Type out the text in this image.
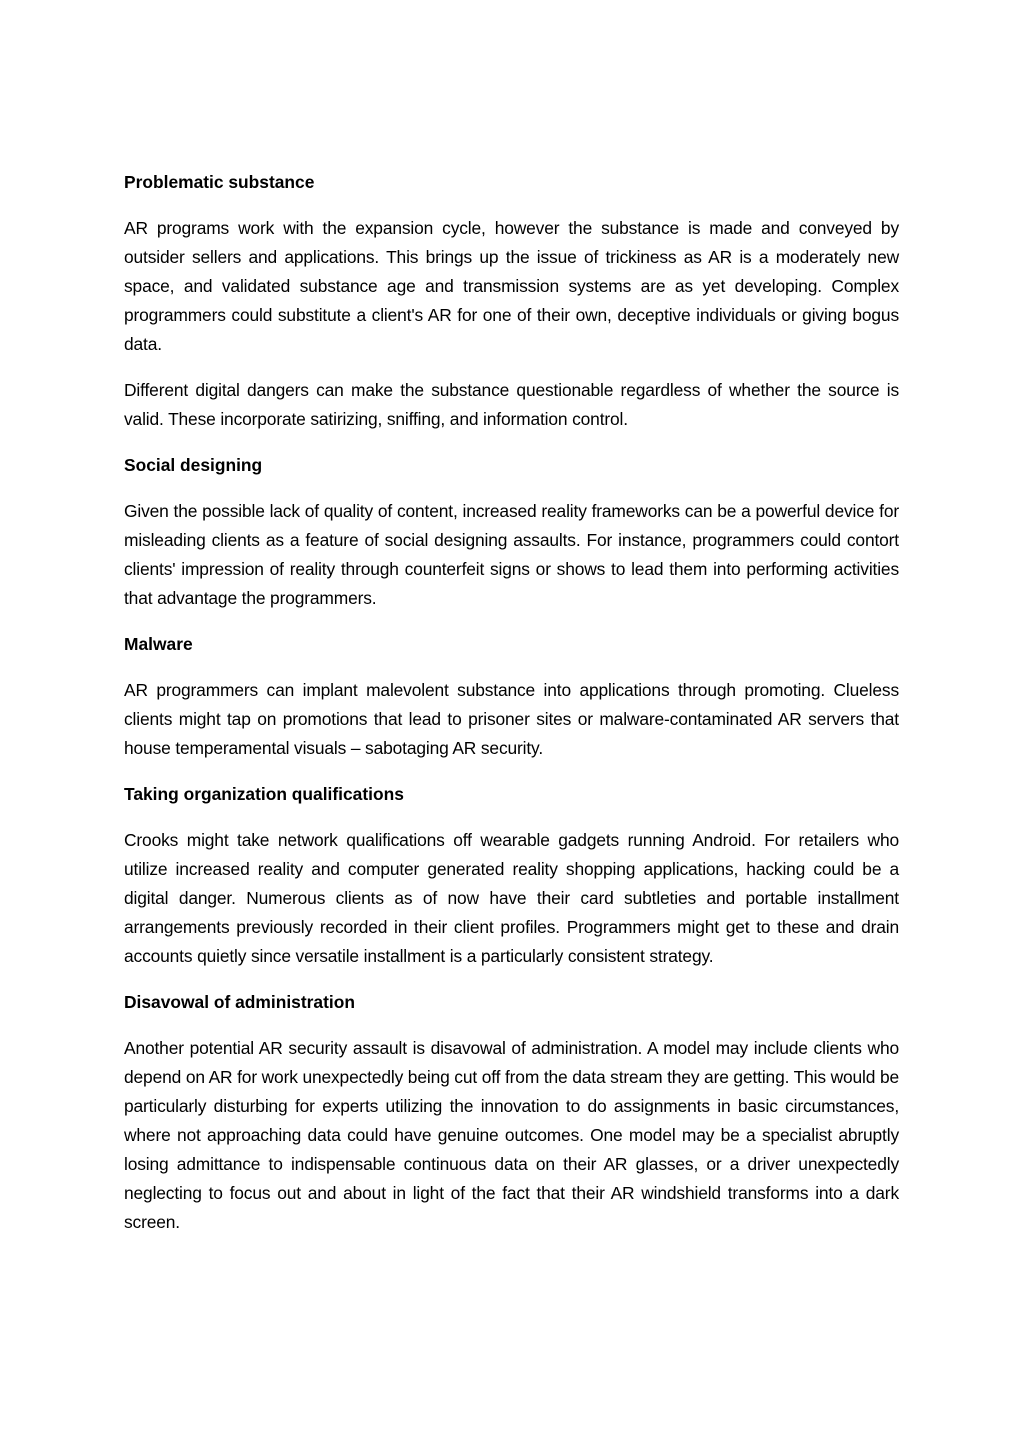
Problematic substance

AR programs work with the expansion cycle, however the substance is made and conveyed by outsider sellers and applications. This brings up the issue of trickiness as AR is a moderately new space, and validated substance age and transmission systems are as yet developing. Complex programmers could substitute a client's AR for one of their own, deceptive individuals or giving bogus data.

Different digital dangers can make the substance questionable regardless of whether the source is valid. These incorporate satirizing, sniffing, and information control.

Social designing

Given the possible lack of quality of content, increased reality frameworks can be a powerful device for misleading clients as a feature of social designing assaults. For instance, programmers could contort clients' impression of reality through counterfeit signs or shows to lead them into performing activities that advantage the programmers.

Malware

AR programmers can implant malevolent substance into applications through promoting. Clueless clients might tap on promotions that lead to prisoner sites or malware-contaminated AR servers that house temperamental visuals – sabotaging AR security.

Taking organization qualifications

Crooks might take network qualifications off wearable gadgets running Android. For retailers who utilize increased reality and computer generated reality shopping applications, hacking could be a digital danger. Numerous clients as of now have their card subtleties and portable installment arrangements previously recorded in their client profiles. Programmers might get to these and drain accounts quietly since versatile installment is a particularly consistent strategy.

Disavowal of administration

Another potential AR security assault is disavowal of administration. A model may include clients who depend on AR for work unexpectedly being cut off from the data stream they are getting. This would be particularly disturbing for experts utilizing the innovation to do assignments in basic circumstances, where not approaching data could have genuine outcomes. One model may be a specialist abruptly losing admittance to indispensable continuous data on their AR glasses, or a driver unexpectedly neglecting to focus out and about in light of the fact that their AR windshield transforms into a dark screen.
